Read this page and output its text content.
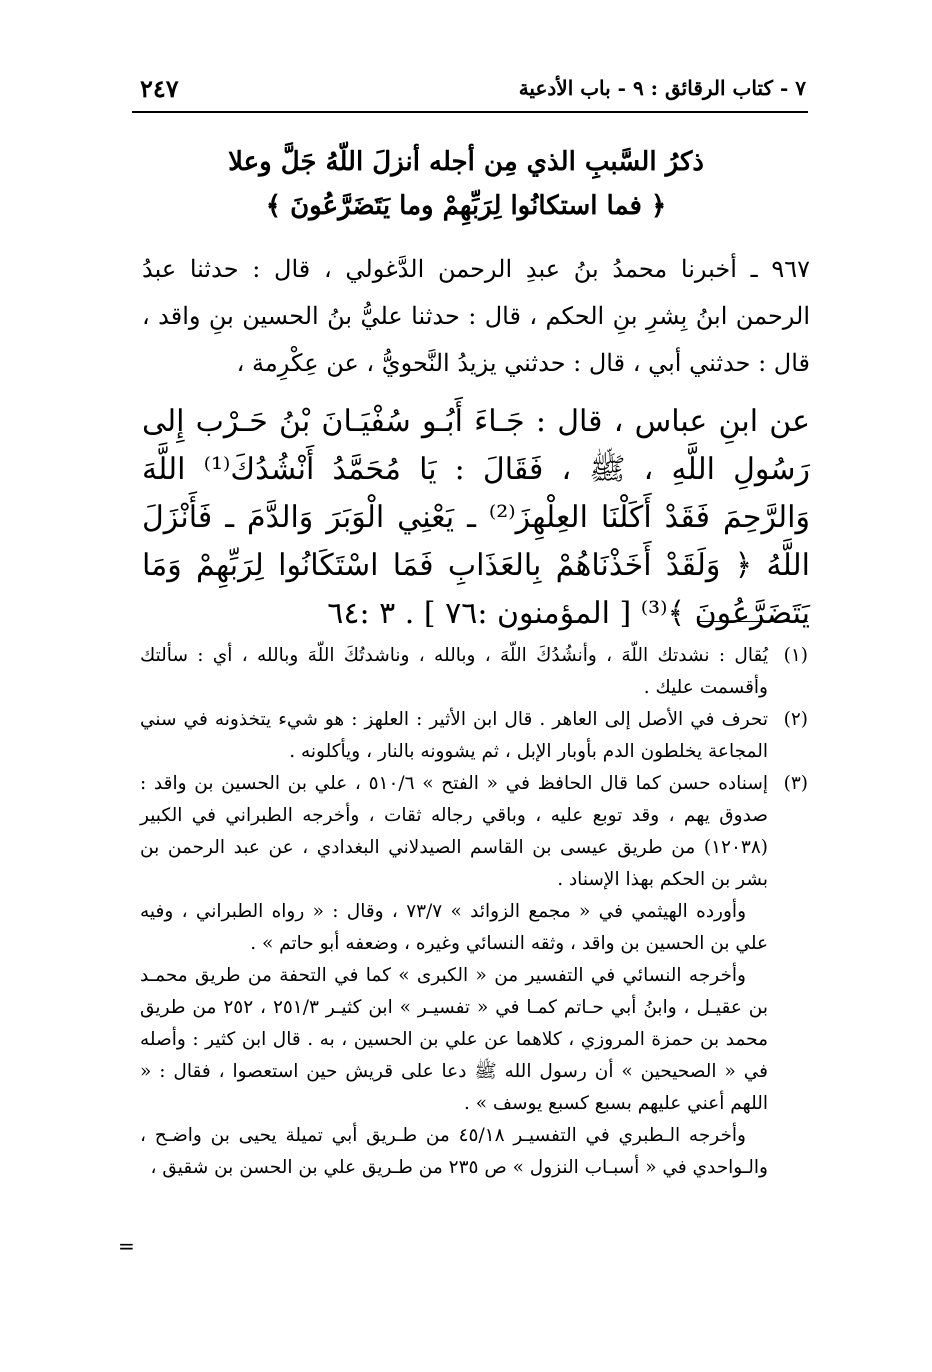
٢٤٧	٧ - كتاب الرقائق : ٩ - باب الأدعية
ذكرُ السَّببِ الذي مِن أجله أنزلَ اللّهُ جَلَّ وعلا
﴿ فما استكانُوا لِرَبِّهِمْ وما يَتَضَرَّعُونَ ﴾
٩٦٧ ـ أخبرنا محمدُ بنُ عبدِ الرحمن الدَّغولي ، قال : حدثنا عبدُ الرحمن ابنُ بِشرِ بنِ الحكم ، قال : حدثنا عليُّ بنُ الحسين بنِ واقد ، قال : حدثني أبي ، قال : حدثني يزيدُ النَّحويُّ ، عن عِكْرِمة ،
عن ابنِ عباس ، قال : جَـاءَ أَبُـو سُفْيَـانَ بْنُ حَـرْب إِلى رَسُولِ اللَّهِ ، ﷺ ، فَقَالَ : يَا مُحَمَّدُ أَنْشُدُكَ⁽¹⁾ اللَّهَ وَالرَّحِمَ فَقَدْ أَكَلْنَا العِلْهِزَ⁽²⁾ ـ يَعْنِي الْوَبَرَ وَالدَّمَ ـ فَأَنْزَلَ اللَّهُ ﴿ وَلَقَدْ أَخَذْنَاهُمْ بِالعَذَابِ فَمَا اسْتَكَانُوا لِرَبِّهِمْ وَمَا يَتَضَرَّعُونَ ﴾⁽³⁾ [ المؤمنون :٧٦ ] . ٣ :٦٤

(١)يُقال : نشدتك اللّهَ ، وأنشُدُكَ اللّهَ ، وبالله ، وناشدتُكَ اللّهَ وبالله ، أي : سألتك وأقسمت عليك .

(٢)تحرف في الأصل إلى العاهر . قال ابن الأثير : العلهز : هو شيء يتخذونه في سني المجاعة يخلطون الدم بأوبار الإبل ، ثم يشوونه بالنار ، ويأكلونه .

(٣)إسناده حسن كما قال الحافظ في « الفتح » ٥١٠/٦ ، علي بن الحسين بن واقد : صدوق يهم ، وقد توبع عليه ، وباقي رجاله ثقات ، وأخرجه الطبراني في الكبير (١٢٠٣٨) من طريق عيسى بن القاسم الصيدلاني البغدادي ، عن عبد الرحمن بن بشر بن الحكم بهذا الإسناد .

وأورده الهيثمي في « مجمع الزوائد » ٧٣/٧ ، وقال : « رواه الطبراني ، وفيه علي بن الحسين بن واقد ، وثقه النسائي وغيره ، وضعفه أبو حاتم » .

وأخرجه النسائي في التفسير من « الكبرى » كما في التحفة من طريق محمـد بن عقيـل ، وابنُ أبي حـاتم كمـا في « تفسيـر » ابن كثيـر ٢٥١/٣ ، ٢٥٢ من طريق محمد بن حمزة المروزي ، كلاهما عن علي بن الحسين ، به . قال ابن كثير : وأصله في « الصحيحين » أن رسول الله ﷺ دعا على قريش حين استعصوا ، فقال : « اللهم أعني عليهم بسبع كسبع يوسف » .

وأخرجه الـطبري في التفسيـر ٤٥/١٨ من طـريق أبي تميلة يحيى بن واضـح ، والـواحدي في « أسبـاب النزول » ص ٢٣٥ من طـريق علي بن الحسن بن شقيق ،

=
